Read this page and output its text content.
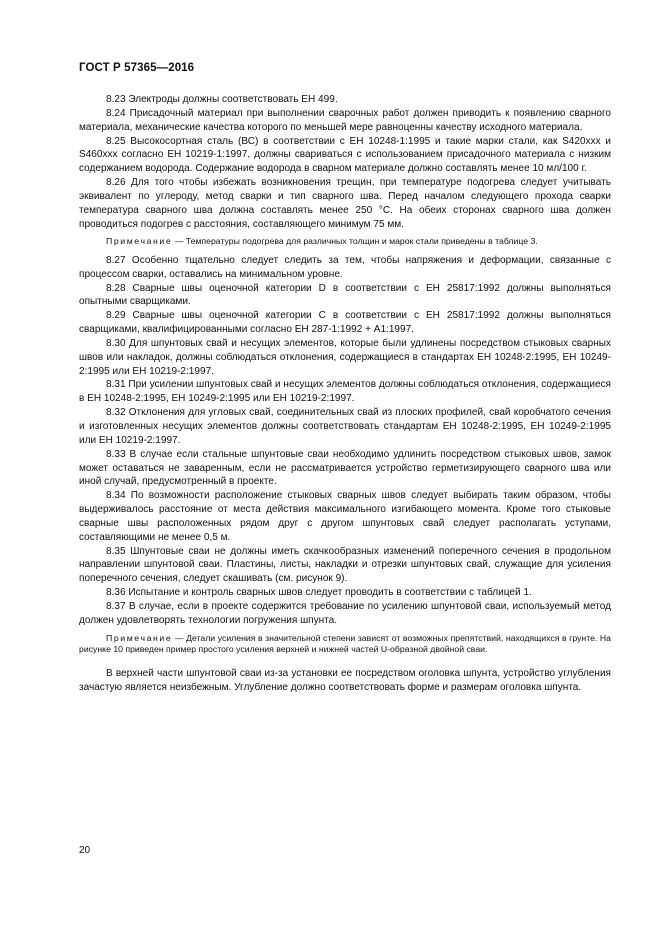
ГОСТ Р 57365—2016

8.23 Электроды должны соответствовать ЕН 499.

8.24 Присадочный материал при выполнении сварочных работ должен приводить к появлению сварного материала, механические качества которого по меньшей мере равноценны качеству исходного материала.

8.25 Высокосортная сталь (ВС) в соответствии с ЕН 10248-1:1995 и такие марки стали, как S420xxx и S460xxx согласно ЕН 10219-1:1997, должны свариваться с использованием присадочного материала с низким содержанием водорода. Содержание водорода в сварном материале должно составлять менее 10 мл/100 г.

8.26 Для того чтобы избежать возникновения трещин, при температуре подогрева следует учитывать эквивалент по углероду, метод сварки и тип сварного шва. Перед началом следующего прохода сварки температура сварного шва должна составлять менее 250 °С. На обеих сторонах сварного шва должен проводиться подогрев с расстояния, составляющего минимум 75 мм.

Примечание — Температуры подогрева для различных толщин и марок стали приведены в таблице 3.

8.27 Особенно тщательно следует следить за тем, чтобы напряжения и деформации, связанные с процессом сварки, оставались на минимальном уровне.

8.28 Сварные швы оценочной категории D в соответствии с ЕН 25817:1992 должны выполняться опытными сварщиками.

8.29 Сварные швы оценочной категории С в соответствии с ЕН 25817:1992 должны выполняться сварщиками, квалифицированными согласно ЕН 287-1:1992 + А1:1997.

8.30 Для шпунтовых свай и несущих элементов, которые были удлинены посредством стыковых сварных швов или накладок, должны соблюдаться отклонения, содержащиеся в стандартах ЕН 10248-2:1995, ЕН 10249-2:1995 или ЕН 10219-2:1997.

8.31 При усилении шпунтовых свай и несущих элементов должны соблюдаться отклонения, содержащиеся в ЕН 10248-2:1995, ЕН 10249-2:1995 или ЕН 10219-2:1997.

8.32 Отклонения для угловых свай, соединительных свай из плоских профилей, свай коробчатого сечения и изготовленных несущих элементов должны соответствовать стандартам ЕН 10248-2:1995, ЕН 10249-2:1995 или ЕН 10219-2:1997.

8.33 В случае если стальные шпунтовые сваи необходимо удлинить посредством стыковых швов, замок может оставаться не заваренным, если не рассматривается устройство герметизирующего сварного шва или иной случай, предусмотренный в проекте.

8.34 По возможности расположение стыковых сварных швов следует выбирать таким образом, чтобы выдерживалось расстояние от места действия максимального изгибающего момента. Кроме того стыковые сварные швы расположенных рядом друг с другом шпунтовых свай следует располагать уступами, составляющими не менее 0,5 м.

8.35 Шпунтовые сваи не должны иметь скачкообразных изменений поперечного сечения в продольном направлении шпунтовой сваи. Пластины, листы, накладки и отрезки шпунтовых свай, служащие для усиления поперечного сечения, следует скашивать (см. рисунок 9).

8.36 Испытание и контроль сварных швов следует проводить в соответствии с таблицей 1.

8.37 В случае, если в проекте содержится требование по усилению шпунтовой сваи, используемый метод должен удовлетворять технологии погружения шпунта.

Примечание — Детали усиления в значительной степени зависят от возможных препятствий, находящихся в грунте. На рисунке 10 приведен пример простого усиления верхней и нижней частей U-образной двойной сваи.

В верхней части шпунтовой сваи из-за установки ее посредством оголовка шпунта, устройство углубления зачастую является неизбежным. Углубление должно соответствовать форме и размерам оголовка шпунта.

20
